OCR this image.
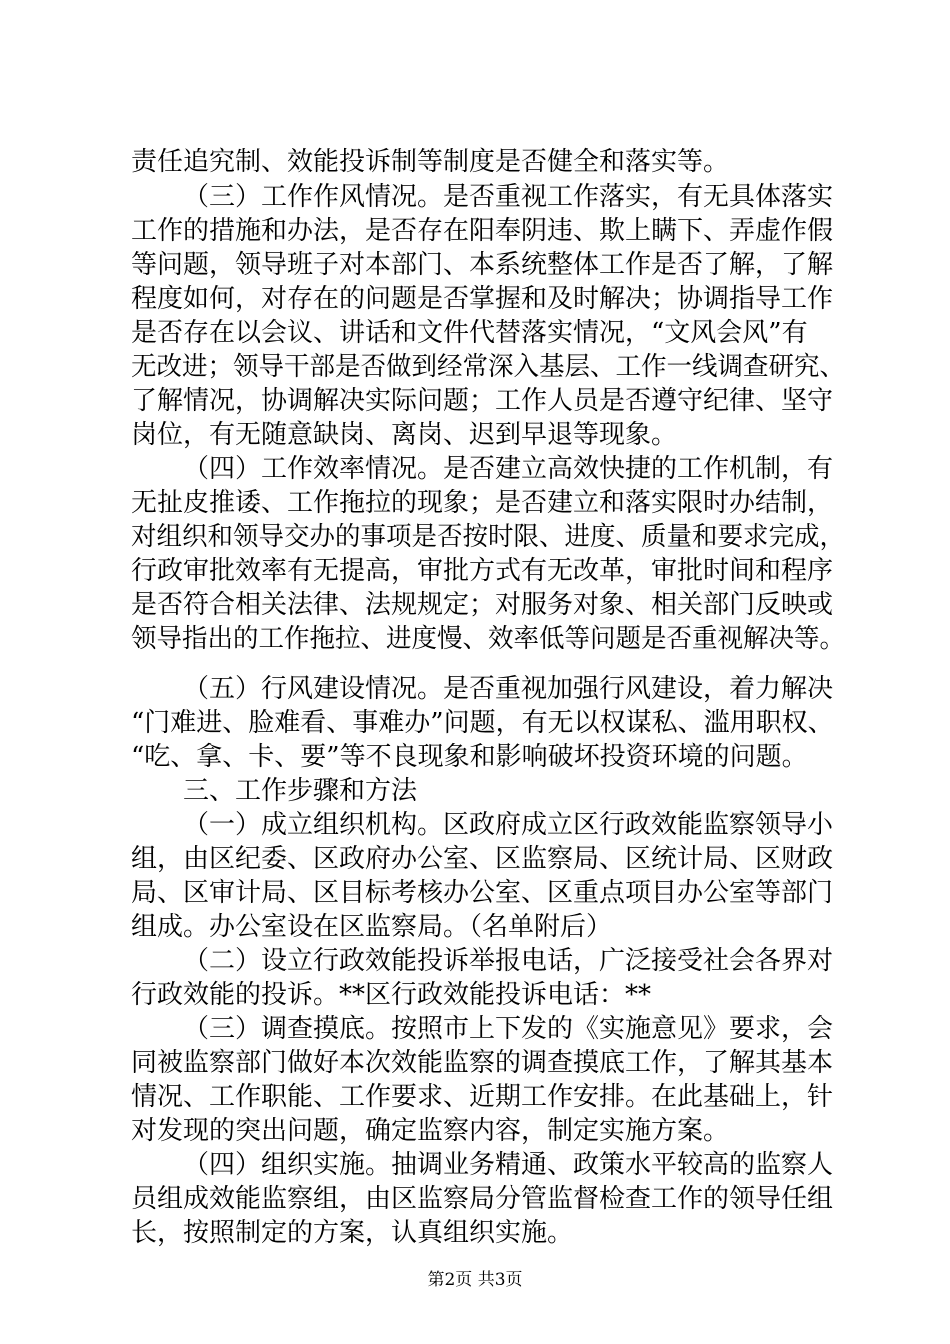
责任追究制、效能投诉制等制度是否健全和落实等。
（三）工作作风情况。是否重视工作落实，有无具体落实
工作的措施和办法，是否存在阳奉阴违、欺上瞒下、弄虚作假
等问题，领导班子对本部门、本系统整体工作是否了解，了解
程度如何，对存在的问题是否掌握和及时解决；协调指导工作
是否存在以会议、讲话和文件代替落实情况，“文风会风”有
无改进；领导干部是否做到经常深入基层、工作一线调查研究、
了解情况，协调解决实际问题；工作人员是否遵守纪律、坚守
岗位，有无随意缺岗、离岗、迟到早退等现象。
（四）工作效率情况。是否建立高效快捷的工作机制，有
无扯皮推诿、工作拖拉的现象；是否建立和落实限时办结制，
对组织和领导交办的事项是否按时限、进度、质量和要求完成，
行政审批效率有无提高，审批方式有无改革，审批时间和程序
是否符合相关法律、法规规定；对服务对象、相关部门反映或
领导指出的工作拖拉、进度慢、效率低等问题是否重视解决等。
（五）行风建设情况。是否重视加强行风建设，着力解决
“门难进、脸难看、事难办”问题，有无以权谋私、滥用职权、
“吃、拿、卡、要”等不良现象和影响破坏投资环境的问题。
三、工作步骤和方法
（一）成立组织机构。区政府成立区行政效能监察领导小
组，由区纪委、区政府办公室、区监察局、区统计局、区财政
局、区审计局、区目标考核办公室、区重点项目办公室等部门
组成。办公室设在区监察局。（名单附后）
（二）设立行政效能投诉举报电话，广泛接受社会各界对
行政效能的投诉。**区行政效能投诉电话：**
（三）调查摸底。按照市上下发的《实施意见》要求，会
同被监察部门做好本次效能监察的调查摸底工作，了解其基本
情况、工作职能、工作要求、近期工作安排。在此基础上，针
对发现的突出问题，确定监察内容，制定实施方案。
（四）组织实施。抽调业务精通、政策水平较高的监察人
员组成效能监察组，由区监察局分管监督检查工作的领导任组
长，按照制定的方案，认真组织实施。
第2页 共3页
